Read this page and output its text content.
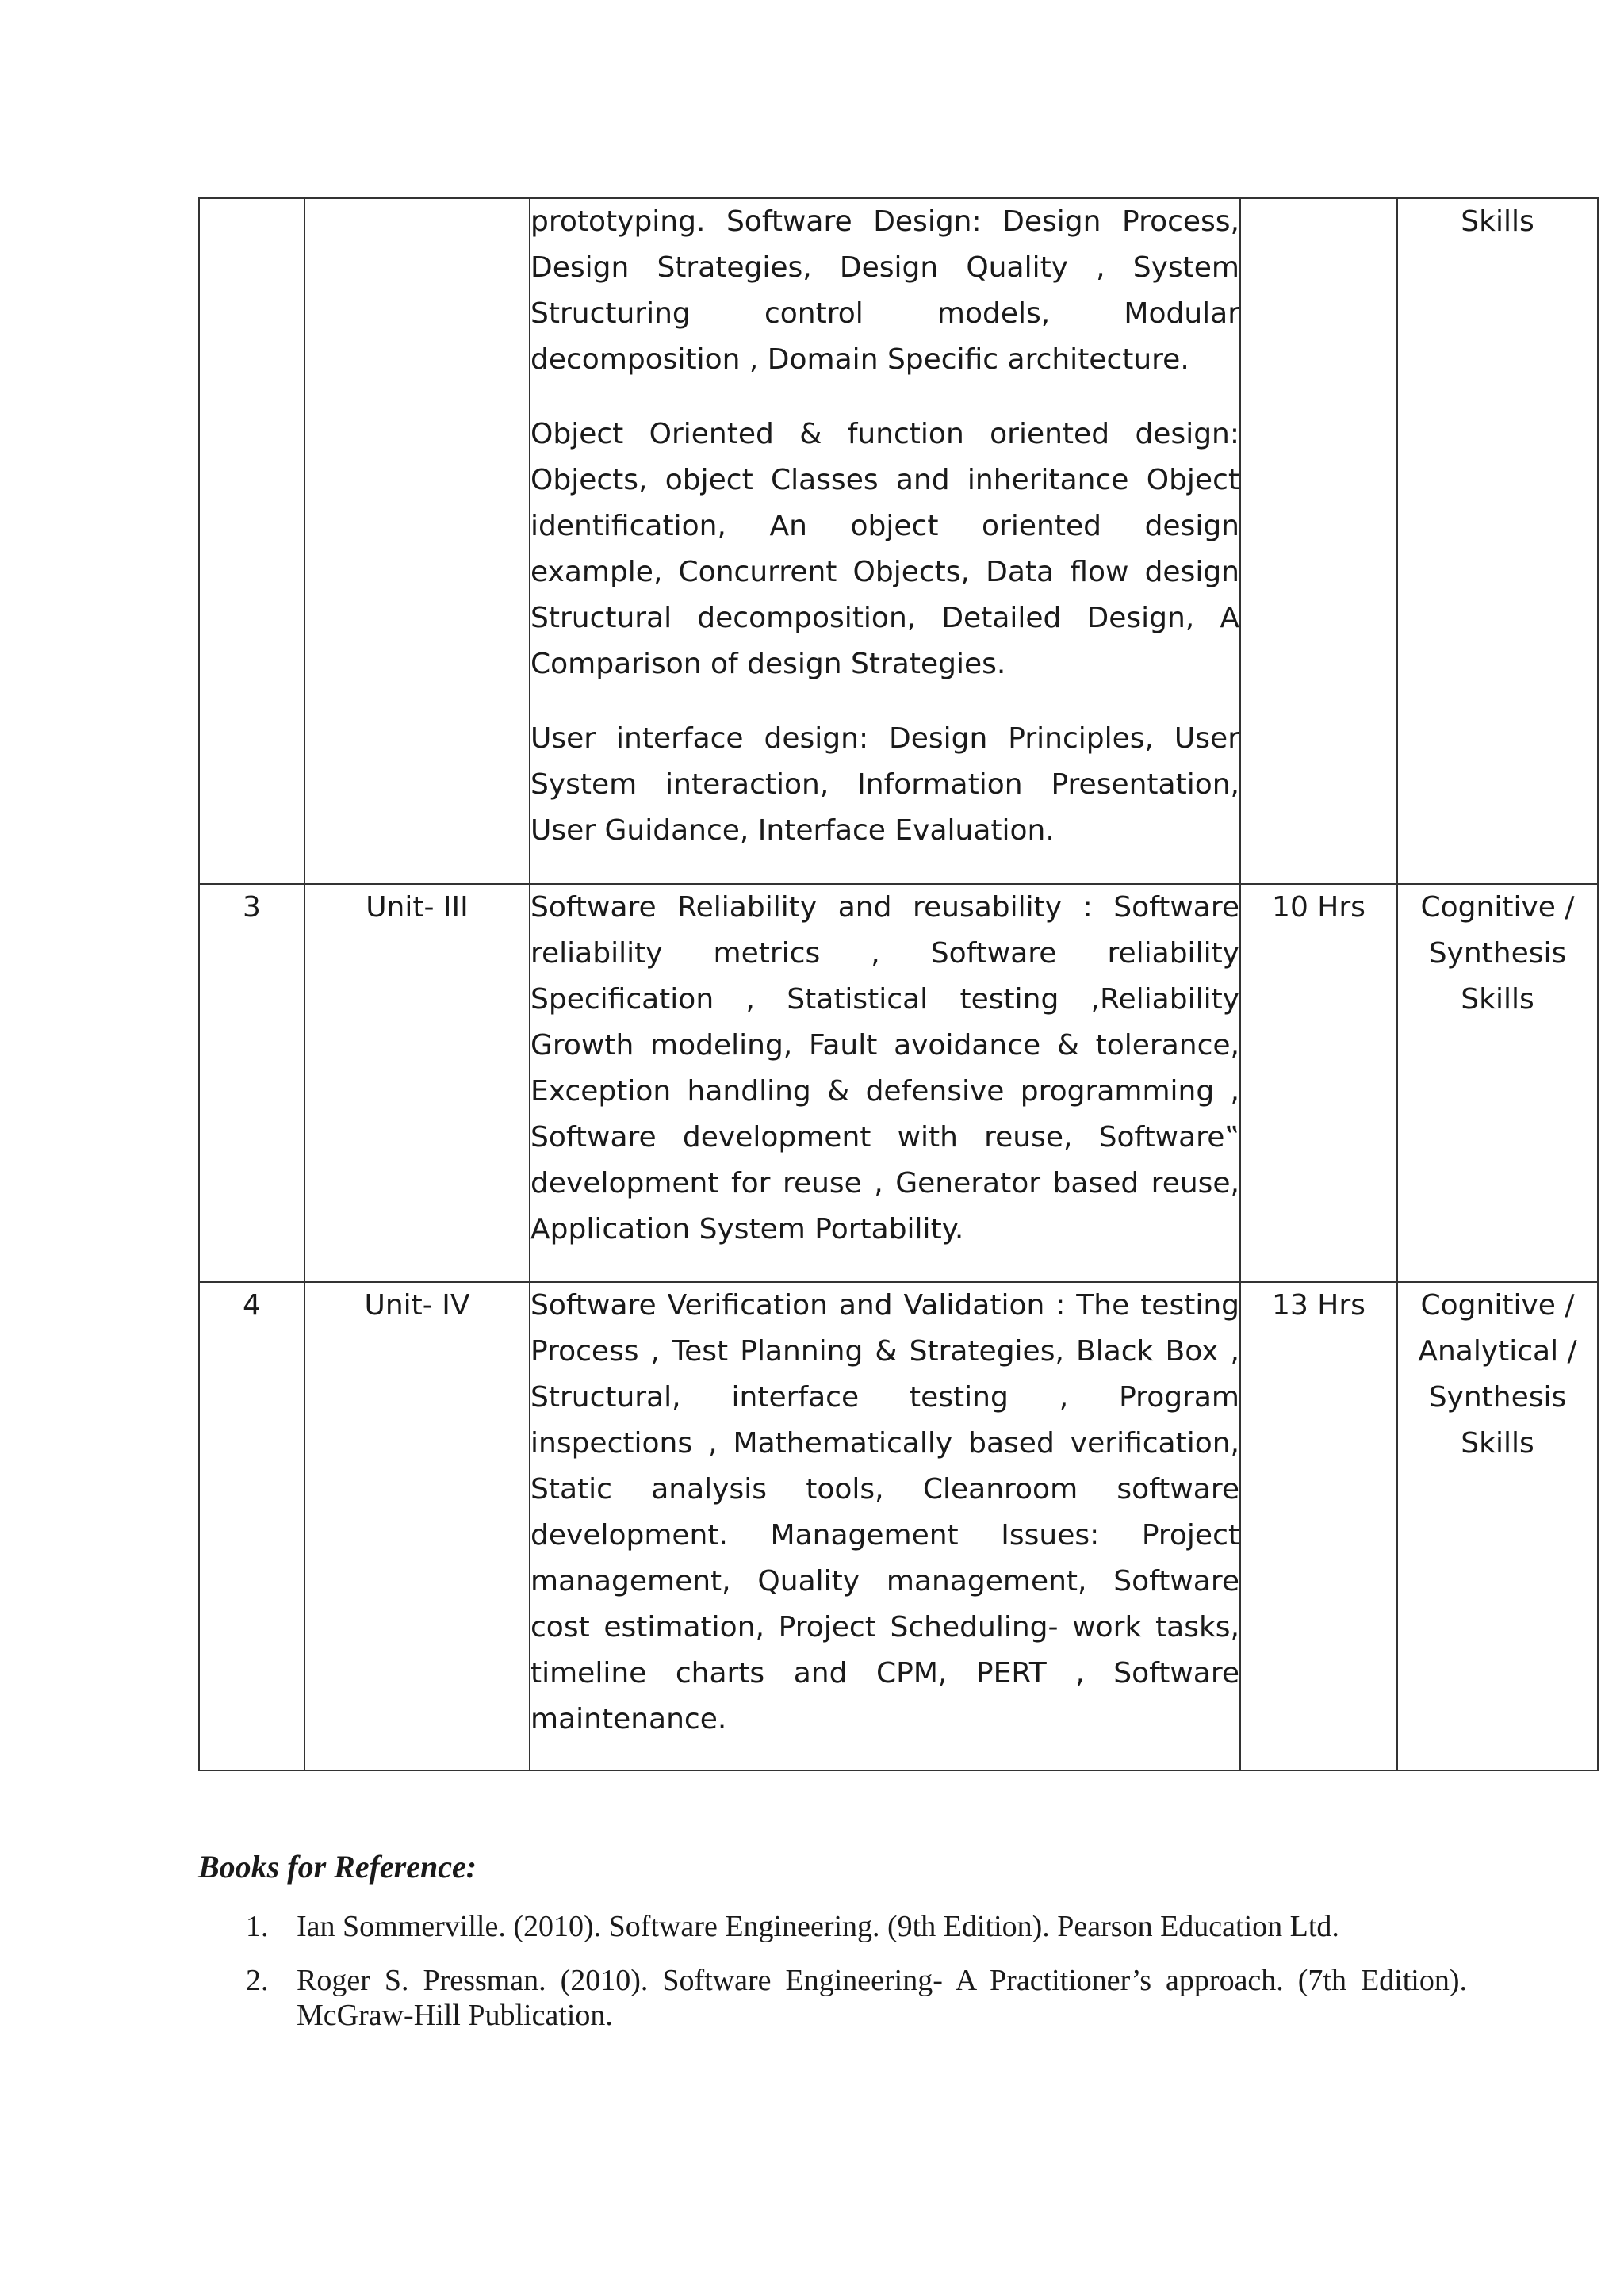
		prototyping. Software Design: Design Process, Design Strategies, Design Quality , System Structuring control models, Modular decomposition , Domain Specific architecture.

Object Oriented & function oriented design: Objects, object Classes and inheritance Object identification, An object oriented design example, Concurrent Objects, Data flow design Structural decomposition, Detailed Design, A Comparison of design Strategies.

User interface design: Design Principles, User System interaction, Information Presentation, User Guidance, Interface Evaluation.		Skills
3	Unit- III	Software Reliability and reusability : Software reliability metrics , Software reliability Specification , Statistical testing ,Reliability Growth modeling, Fault avoidance & tolerance, Exception handling & defensive programming , Software development with reuse, Software‟ development for reuse , Generator based reuse, Application System Portability.	10 Hrs	Cognitive / Synthesis Skills
4	Unit- IV	Software Verification and Validation : The testing Process , Test Planning & Strategies, Black Box , Structural, interface testing , Program inspections , Mathematically based verification, Static analysis tools, Cleanroom software development. Management Issues: Project management, Quality management, Software cost estimation, Project Scheduling- work tasks, timeline charts and CPM, PERT , Software maintenance.	13 Hrs	Cognitive / Analytical / Synthesis Skills
Books for Reference:
1. Ian Sommerville. (2010). Software Engineering. (9th Edition). Pearson Education Ltd.
2. Roger S. Pressman. (2010). Software Engineering- A Practitioner’s approach. (7th Edition). McGraw-Hill Publication.
